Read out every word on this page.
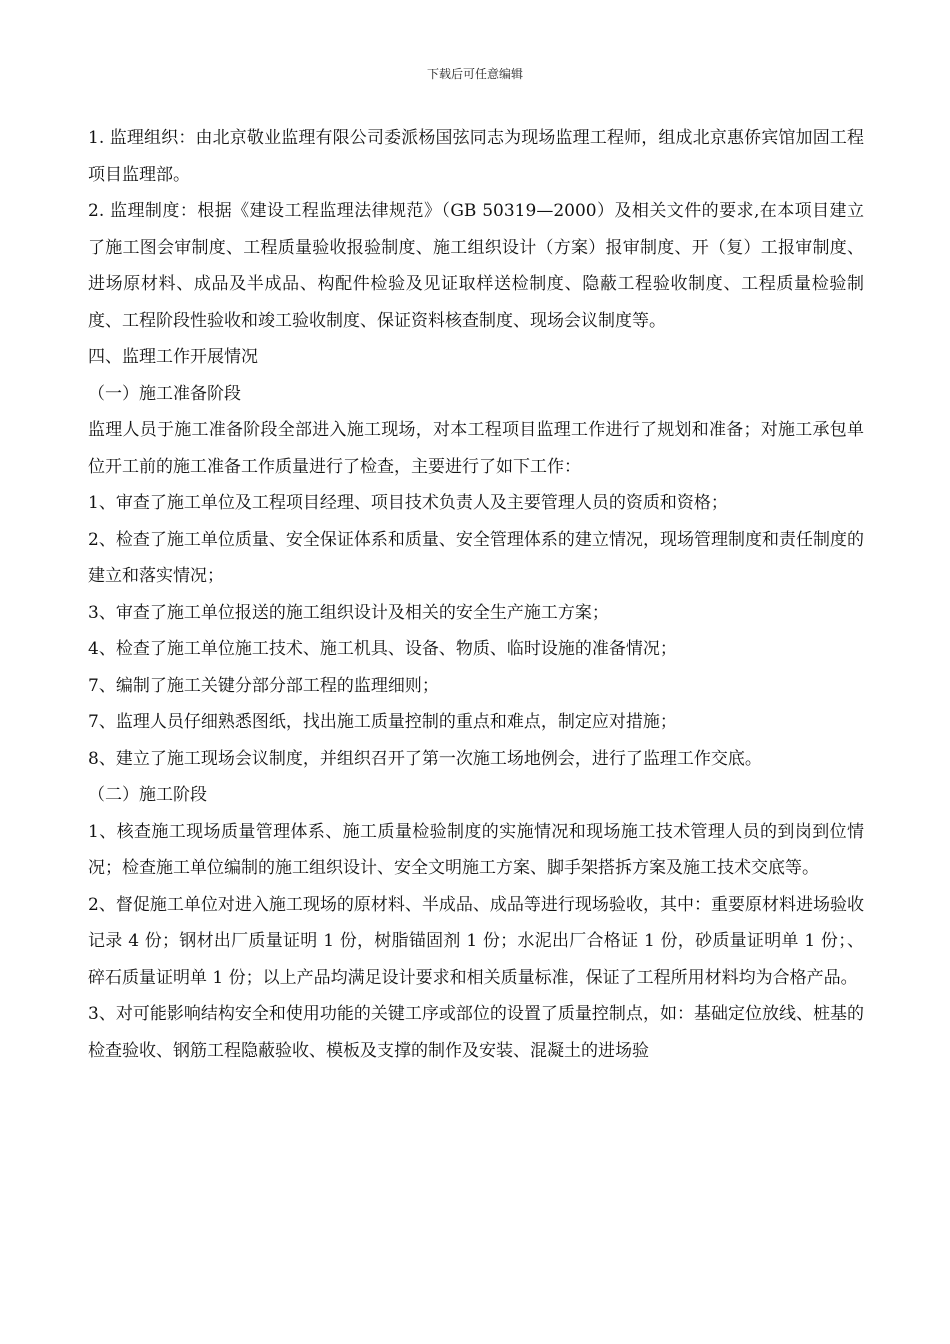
下载后可任意编辑

1. 监理组织：由北京敬业监理有限公司委派杨国弦同志为现场监理工程师，组成北京惠侨宾馆加固工程项目监理部。

2. 监理制度：根据《建设工程监理法律规范》（GB 50319—2000）及相关文件的要求,在本项目建立了施工图会审制度、工程质量验收报验制度、施工组织设计（方案）报审制度、开（复）工报审制度、进场原材料、成品及半成品、构配件检验及见证取样送检制度、隐蔽工程验收制度、工程质量检验制度、工程阶段性验收和竣工验收制度、保证资料核查制度、现场会议制度等。

四、监理工作开展情况

（一）施工准备阶段

监理人员于施工准备阶段全部进入施工现场，对本工程项目监理工作进行了规划和准备；对施工承包单位开工前的施工准备工作质量进行了检查，主要进行了如下工作：

1、审查了施工单位及工程项目经理、项目技术负责人及主要管理人员的资质和资格；

2、检查了施工单位质量、安全保证体系和质量、安全管理体系的建立情况，现场管理制度和责任制度的建立和落实情况；

3、审查了施工单位报送的施工组织设计及相关的安全生产施工方案；

4、检查了施工单位施工技术、施工机具、设备、物质、临时设施的准备情况；

7、编制了施工关键分部分部工程的监理细则；

7、监理人员仔细熟悉图纸，找出施工质量控制的重点和难点，制定应对措施；

8、建立了施工现场会议制度，并组织召开了第一次施工场地例会，进行了监理工作交底。

（二）施工阶段

1、核查施工现场质量管理体系、施工质量检验制度的实施情况和现场施工技术管理人员的到岗到位情况；检查施工单位编制的施工组织设计、安全文明施工方案、脚手架搭拆方案及施工技术交底等。

2、督促施工单位对进入施工现场的原材料、半成品、成品等进行现场验收，其中：重要原材料进场验收记录 4 份；钢材出厂质量证明 1 份，树脂锚固剂 1 份；水泥出厂合格证 1 份，砂质量证明单 1 份；、碎石质量证明单 1 份；以上产品均满足设计要求和相关质量标准，保证了工程所用材料均为合格产品。

3、对可能影响结构安全和使用功能的关键工序或部位的设置了质量控制点，如：基础定位放线、桩基的检查验收、钢筋工程隐蔽验收、模板及支撑的制作及安装、混凝土的进场验
